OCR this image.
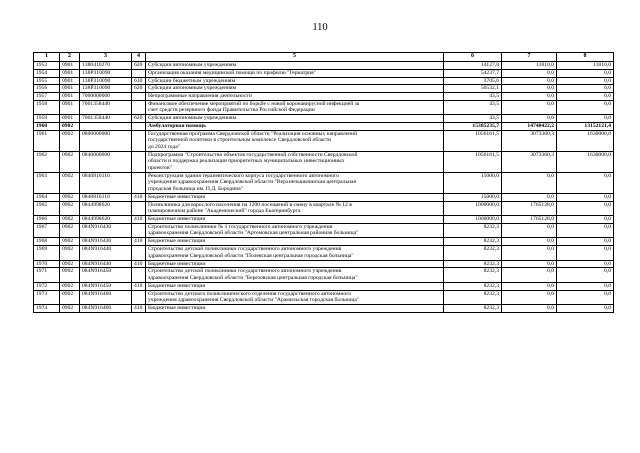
110
1	2	3	4	5	6	7	8
1953	0901	1380410270	620	Субсидии автономным учреждениям	14127,8	11810,0	11810,0
1954	0901	138P310090		Организация оказания медицинской помощи по профилю "Гериатрия"	54237,7	0,0	0,0
1955	0901	138P310090	610	Субсидии бюджетным учреждениям	3705,6	0,0	0,0
1956	0901	138P310090	620	Субсидии автономным учреждениям	50532,1	0,0	0,0
1957	0901	7000000000		Непрограммные направления деятельности	43,5	0,0	0,0
1958	0901	7001358440		Финансовое обеспечение мероприятий по борьбе с новой коронавирусной инфекцией за
счет средств резервного фонда Правительства Российской Федерации	43,5	0,0	0,0
1959	0901	7001358440	620	Субсидии автономным учреждениям	43,5	0,0	0,0
1960	0902			Амбулаторная помощь	15385235,7	14740422,2	13152121,4
1961	0902	0800000000		Государственная программа Свердловской области "Реализация основных направлений
государственной политики в строительном комплексе Свердловской области
до 2024 года"	1056161,5	3073360,3	1630000,0
1962	0902	0840000000		Подпрограмма "Строительство объектов государственной собственности Свердловской
области и поддержка реализации приоритетных муниципальных инвестиционных
проектов"	1056161,5	3073360,3	1630000,0
1963	0902	0840816110		Реконструкция здания терапевтического корпуса государственного автономного
учреждения здравоохранения Свердловской области "Верхнепышминская центральная
городская больница им. П.Д. Бородина"	15000,0	0,0	0,0
1964	0902	0840816110	410	Бюджетные инвестиции	15000,0	0,0	0,0
1965	0902	0844998620		Поликлиника для взрослого населения на 1200 посещений в смену в квартале № 12 в
планировочном районе "Академический" города Екатеринбурга	1000000,0	1765128,0	0,0
1966	0902	0844998620	410	Бюджетные инвестиции	1000000,0	1765128,0	0,0
1967	0902	084N916430		Строительство поликлиники № 1 государственного автономного учреждения
здравоохранения Свердловской области "Артемовская центральная районная больница"	8232,3	0,0	0,0
1968	0902	084N916430	410	Бюджетные инвестиции	8232,3	0,0	0,0
1969	0902	084N916440		Строительство детской поликлиники государственного автономного учреждения
здравоохранения Свердловской области "Полевская центральная городская больница"	8232,3	0,0	0,0
1970	0902	084N916440	410	Бюджетные инвестиции	8232,3	0,0	0,0
1971	0902	084N916450		Строительство детской поликлиники государственного автономного учреждения
здравоохранения Свердловской области "Березовская центральная городская больница"	8232,3	0,0	0,0
1972	0902	084N916450	410	Бюджетные инвестиции	8232,3	0,0	0,0
1973	0902	084N916460		Строительство детского поликлинического отделения государственного автономного
учреждения здравоохранения Свердловской области "Арамильская городская больница"	8232,3	0,0	0,0
1974	0902	084N916460	410	Бюджетные инвестиции	8232,3	0,0	0,0
